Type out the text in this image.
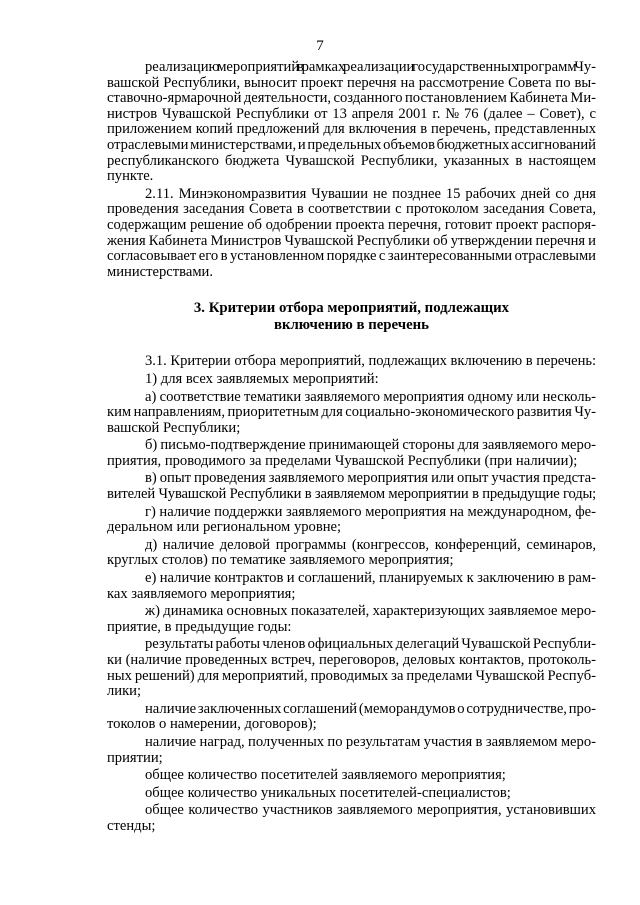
7
реализацию мероприятий в рамках реализации государственных программ Чу-
вашской Республики, выносит проект перечня на рассмотрение Совета по вы-
ставочно-ярмарочной деятельности, созданного постановлением Кабинета Ми-
нистров Чувашской Республики от 13 апреля 2001 г. № 76 (далее – Совет), с
приложением копий предложений для включения в перечень, представленных
отраслевыми министерствами, и предельных объемов бюджетных ассигнований
республиканского бюджета Чувашской Республики, указанных в настоящем
пункте.
2.11. Минэкономразвития Чувашии не позднее 15 рабочих дней со дня
проведения заседания Совета в соответствии с протоколом заседания Совета,
содержащим решение об одобрении проекта перечня, готовит проект распоря-
жения Кабинета Министров Чувашской Республики об утверждении перечня и
согласовывает его в установленном порядке с заинтересованными отраслевыми
министерствами.
3. Критерии отбора мероприятий, подлежащих
включению в перечень
3.1. Критерии отбора мероприятий, подлежащих включению в перечень:
1) для всех заявляемых мероприятий:
а) соответствие тематики заявляемого мероприятия одному или несколь-
ким направлениям, приоритетным для социально-экономического развития Чу-
вашской Республики;
б) письмо-подтверждение принимающей стороны для заявляемого меро-
приятия, проводимого за пределами Чувашской Республики (при наличии);
в) опыт проведения заявляемого мероприятия или опыт участия предста-
вителей Чувашской Республики в заявляемом мероприятии в предыдущие годы;
г) наличие поддержки заявляемого мероприятия на международном, фе-
деральном или региональном уровне;
д) наличие деловой программы (конгрессов, конференций, семинаров,
круглых столов) по тематике заявляемого мероприятия;
е) наличие контрактов и соглашений, планируемых к заключению в рам-
ках заявляемого мероприятия;
ж) динамика основных показателей, характеризующих заявляемое меро-
приятие, в предыдущие годы:
результаты работы членов официальных делегаций Чувашской Республи-
ки (наличие проведенных встреч, переговоров, деловых контактов, протоколь-
ных решений) для мероприятий, проводимых за пределами Чувашской Респуб-
лики;
наличие заключенных соглашений (меморандумов о сотрудничестве, про-
токолов о намерении, договоров);
наличие наград, полученных по результатам участия в заявляемом меро-
приятии;
общее количество посетителей заявляемого мероприятия;
общее количество уникальных посетителей-специалистов;
общее количество участников заявляемого мероприятия, установивших
стенды;
